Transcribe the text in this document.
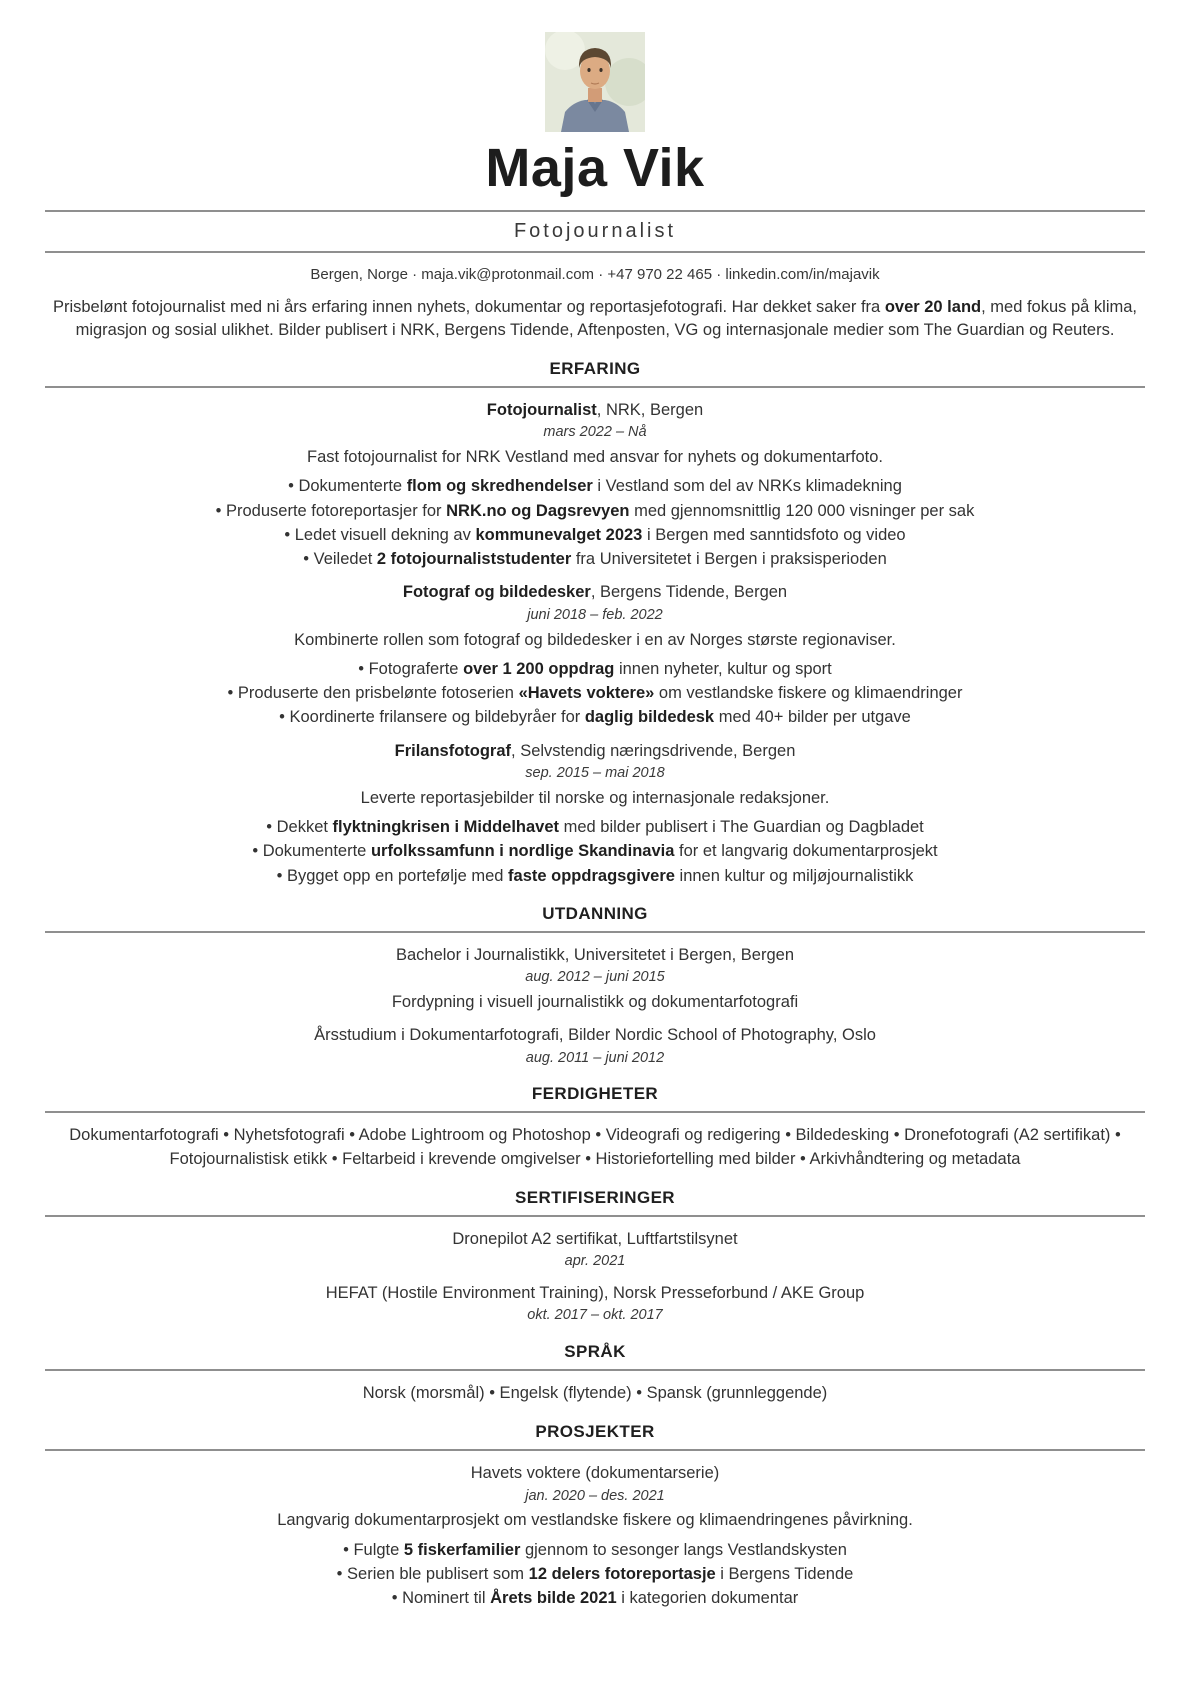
Maja Vik
Fotojournalist

Bergen, Norge · maja.vik@protonmail.com · +47 970 22 465 · linkedin.com/in/majavik

Prisbelønt fotojournalist med ni års erfaring innen nyhets, dokumentar og reportasjefotografi. Har dekket saker fra over 20 land, med fokus på klima, migrasjon og sosial ulikhet. Bilder publisert i NRK, Bergens Tidende, Aftenposten, VG og internasjonale medier som The Guardian og Reuters.

ERFARING

Fotojournalist, NRK, Bergen

mars 2022 – Nå

Fast fotojournalist for NRK Vestland med ansvar for nyhets og dokumentarfoto.

• Dokumenterte flom og skredhendelser i Vestland som del av NRKs klimadekning

• Produserte fotoreportasjer for NRK.no og Dagsrevyen med gjennomsnittlig 120 000 visninger per sak

• Ledet visuell dekning av kommunevalget 2023 i Bergen med sanntidsfoto og video

• Veiledet 2 fotojournaliststudenter fra Universitetet i Bergen i praksisperioden

Fotograf og bildedesker, Bergens Tidende, Bergen

juni 2018 – feb. 2022

Kombinerte rollen som fotograf og bildedesker i en av Norges største regionaviser.

• Fotograferte over 1 200 oppdrag innen nyheter, kultur og sport

• Produserte den prisbelønte fotoserien «Havets voktere» om vestlandske fiskere og klimaendringer

• Koordinerte frilansere og bildebyråer for daglig bildedesk med 40+ bilder per utgave

Frilansfotograf, Selvstendig næringsdrivende, Bergen

sep. 2015 – mai 2018

Leverte reportasjebilder til norske og internasjonale redaksjoner.

• Dekket flyktningkrisen i Middelhavet med bilder publisert i The Guardian og Dagbladet

• Dokumenterte urfolkssamfunn i nordlige Skandinavia for et langvarig dokumentarprosjekt

• Bygget opp en portefølje med faste oppdragsgivere innen kultur og miljøjournalistikk

UTDANNING

Bachelor i Journalistikk, Universitetet i Bergen, Bergen

aug. 2012 – juni 2015

Fordypning i visuell journalistikk og dokumentarfotografi

Årsstudium i Dokumentarfotografi, Bilder Nordic School of Photography, Oslo

aug. 2011 – juni 2012

FERDIGHETER

Dokumentarfotografi • Nyhetsfotografi • Adobe Lightroom og Photoshop • Videografi og redigering • Bildedesking • Dronefotografi (A2 sertifikat) • Fotojournalistisk etikk • Feltarbeid i krevende omgivelser • Historiefortelling med bilder • Arkivhåndtering og metadata

SERTIFISERINGER

Dronepilot A2 sertifikat, Luftfartstilsynet

apr. 2021

HEFAT (Hostile Environment Training), Norsk Presseforbund / AKE Group

okt. 2017 – okt. 2017

SPRÅK

Norsk (morsmål) • Engelsk (flytende) • Spansk (grunnleggende)

PROSJEKTER

Havets voktere (dokumentarserie)

jan. 2020 – des. 2021

Langvarig dokumentarprosjekt om vestlandske fiskere og klimaendringenes påvirkning.

• Fulgte 5 fiskerfamilier gjennom to sesonger langs Vestlandskysten

• Serien ble publisert som 12 delers fotoreportasje i Bergens Tidende

• Nominert til Årets bilde 2021 i kategorien dokumentar
